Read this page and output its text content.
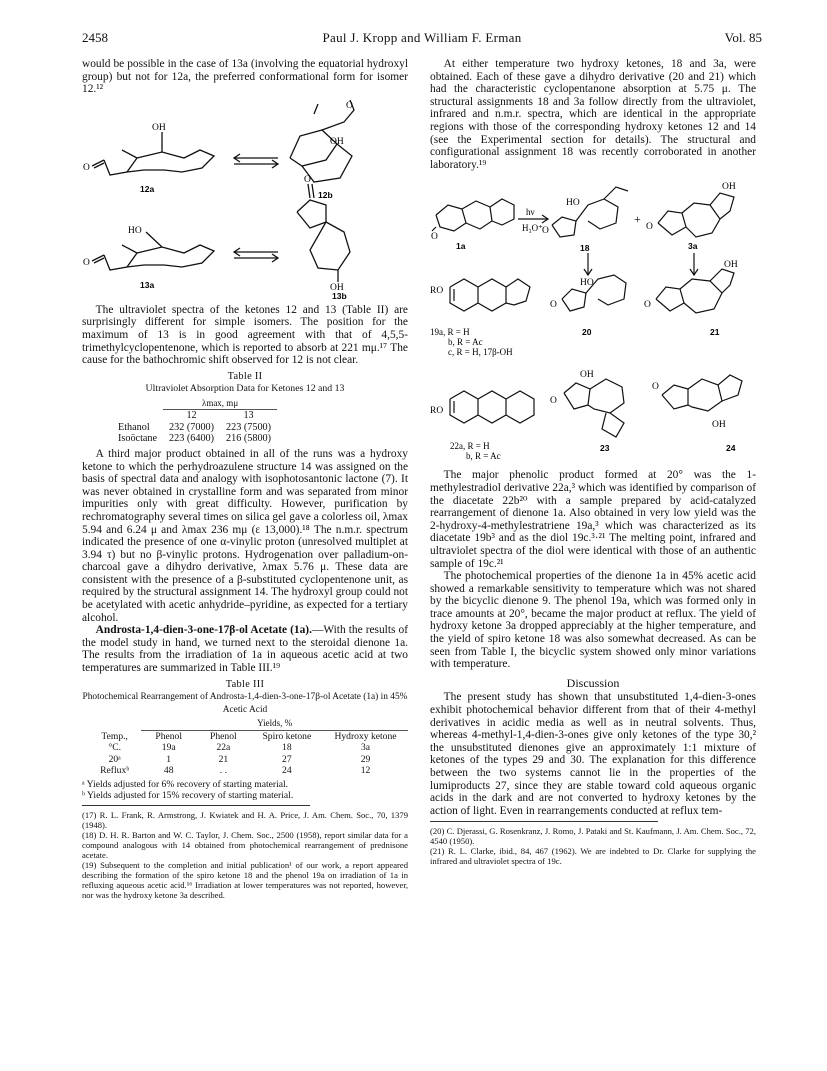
2458	Paul J. Kropp and William F. Erman	Vol. 85

would be possible in the case of 13a (involving the equatorial hydroxyl group) but not for 12a, the preferred conformational form for isomer 12.¹²

OH
O
12a
O
OH
12b
HO
O
13a
O
OH
13b

The ultraviolet spectra of the ketones 12 and 13 (Table II) are surprisingly different for simple isomers. The position for the maximum of 13 is in good agreement with that of 4,5,5-trimethylcyclopentenone, which is reported to absorb at 221 mμ.¹⁷ The cause for the bathochromic shift observed for 12 is not clear.

Table II
Ultraviolet Absorption Data for Ketones 12 and 13
	λmax, mμ	
	12	13
Ethanol	232 (7000)	223 (7500)
Isoöctane	223 (6400)	216 (5800)

A third major product obtained in all of the runs was a hydroxy ketone to which the perhydroazulene structure 14 was assigned on the basis of spectral data and analogy with isophotosantonic lactone (7). It was never obtained in crystalline form and was separated from minor impurities only with great difficulty. However, purification by rechromatography several times on silica gel gave a colorless oil, λmax 5.94 and 6.24 μ and λmax 236 mμ (ε 13,000).¹⁸ The n.m.r. spectrum indicated the presence of one α-vinylic proton (unresolved multiplet at 3.94 τ) but no β-vinylic protons. Hydrogenation over palladium-on-charcoal gave a dihydro derivative, λmax 5.76 μ. These data are consistent with the presence of a β-substituted cyclopentenone unit, as required by the structural assignment 14. The hydroxyl group could not be acetylated with acetic anhydride–pyridine, as expected for a tertiary alcohol.

Androsta-1,4-dien-3-one-17β-ol Acetate (1a).—With the results of the model study in hand, we turned next to the steroidal dienone 1a. The results from the irradiation of 1a in aqueous acetic acid at two temperatures are summarized in Table III.¹⁹

Table III
Photochemical Rearrangement of Androsta-1,4-dien-3-one-17β-ol Acetate (1a) in 45% Acetic Acid
	Yields, %			
Temp., °C.	Phenol 19a	Phenol 22a	Spiro ketone 18	Hydroxy ketone 3a
20ᵃ	1	21	27	29
Refluxᵇ	48	. .	24	12
ᵃ Yields adjusted for 6% recovery of starting material.
ᵇ Yields adjusted for 15% recovery of starting material.

(17) R. L. Frank, R. Armstrong, J. Kwiatek and H. A. Price, J. Am. Chem. Soc., 70, 1379 (1948).

(18) D. H. R. Barton and W. C. Taylor, J. Chem. Soc., 2500 (1958), report similar data for a compound analogous with 14 obtained from photochemical rearrangement of prednisone acetate.

(19) Subsequent to the completion and initial publication¹ of our work, a report appeared describing the formation of the spiro ketone 18 and the phenol 19a on irradiation of 1a in refluxing aqueous acetic acid.¹⁶ Irradiation at lower temperatures was not reported, however, nor was the hydroxy ketone 3a described.

At either temperature two hydroxy ketones, 18 and 3a, were obtained. Each of these gave a dihydro derivative (20 and 21) which had the characteristic cyclopentanone absorption at 5.75 μ. The structural assignments 18 and 3a follow directly from the ultraviolet, infrared and n.m.r. spectra, which are identical in the appropriate regions with those of the corresponding hydroxy ketones 12 and 14 (see the Experimental section for details). The structural and configurational assignment 18 was recently corroborated in another laboratory.¹⁹

O
1a
hν
H₃O⁺ O
HO
18
+
O
OH
3a
RO
19a, R = H
b, R = Ac
c, R = H, 17β-OH
O
HO
20
O
OH
21
RO
22a, R = H
b, R = Ac
OH
O
23
O
OH
24

The major phenolic product formed at 20° was the 1-methylestradiol derivative 22a,³ which was identified by comparison of the diacetate 22b²⁰ with a sample prepared by acid-catalyzed rearrangement of dienone 1a. Also obtained in very low yield was the 2-hydroxy-4-methylestratriene 19a,³ which was characterized as its diacetate 19b³ and as the diol 19c.³·²¹ The melting point, infrared and ultraviolet spectra of the diol were identical with those of an authentic sample of 19c.²¹

The photochemical properties of the dienone 1a in 45% acetic acid showed a remarkable sensitivity to temperature which was not shared by the bicyclic dienone 9. The phenol 19a, which was formed only in trace amounts at 20°, became the major product at reflux. The yield of hydroxy ketone 3a dropped appreciably at the higher temperature, and the yield of spiro ketone 18 was also somewhat decreased. As can be seen from Table I, the bicyclic system showed only minor variations with temperature.

Discussion

The present study has shown that unsubstituted 1,4-dien-3-ones exhibit photochemical behavior different from that of their 4-methyl derivatives in acidic media as well as in neutral solvents. Thus, whereas 4-methyl-1,4-dien-3-ones give only ketones of the type 30,² the unsubstituted dienones give an approximately 1:1 mixture of ketones of the types 29 and 30. The explanation for this difference between the two systems cannot lie in the properties of the lumiproducts 27, since they are stable toward cold aqueous organic acids in the dark and are not converted to hydroxy ketones by the action of light. Even in rearrangements conducted at reflux tem-

(20) C. Djerassi, G. Rosenkranz, J. Romo, J. Pataki and St. Kaufmann, J. Am. Chem. Soc., 72, 4540 (1950).

(21) R. L. Clarke, ibid., 84, 467 (1962). We are indebted to Dr. Clarke for supplying the infrared and ultraviolet spectra of 19c.
